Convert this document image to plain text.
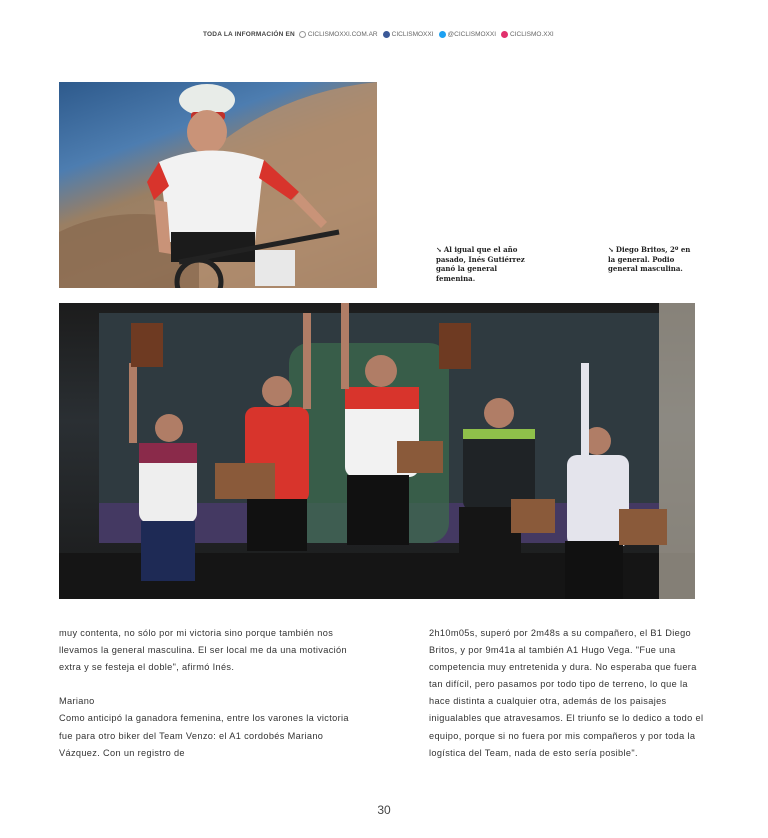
TODA LA INFORMACIÓN EN CICLISMOXXI.COM.AR CICLISMOXXI @CICLISMOXXI CICLISMO.XXI
↘ Al igual que el año pasado, Inés Gutiérrez ganó la general femenina.
↘ Diego Britos, 2º en la general. Podio general masculina.

muy contenta, no sólo por mi victoria sino porque también nos llevamos la general masculina. El ser local me da una motivación extra y se festeja el doble", afirmó Inés.

Mariano

Como anticipó la ganadora femenina, entre los varones la victoria fue para otro biker del Team Venzo: el A1 cordobés Mariano Vázquez. Con un registro de

2h10m05s, superó por 2m48s a su compañero, el B1 Diego Britos, y por 9m41a al también A1 Hugo Vega. "Fue una competencia muy entretenida y dura. No esperaba que fuera tan difícil, pero pasamos por todo tipo de terreno, lo que la hace distinta a cualquier otra, además de los paisajes inigualables que atravesamos. El triunfo se lo dedico a todo el equipo, porque si no fuera por mis compañeros y por toda la logística del Team, nada de esto sería posible".

30
